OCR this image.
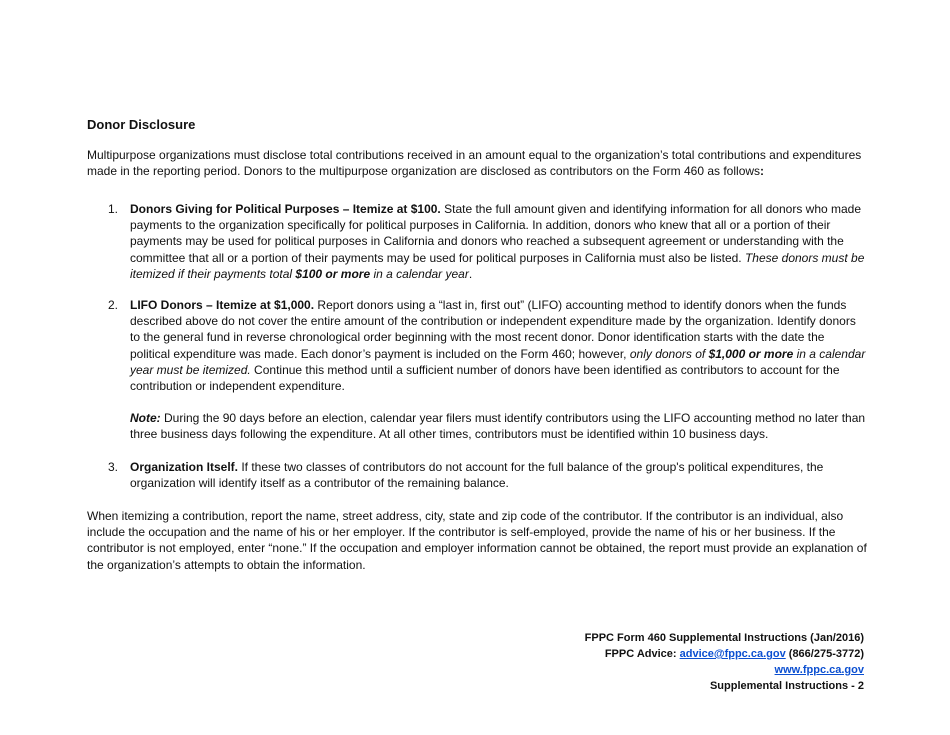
Donor Disclosure

Multipurpose organizations must disclose total contributions received in an amount equal to the organization’s total contributions and expenditures made in the reporting period. Donors to the multipurpose organization are disclosed as contributors on the Form 460 as follows:

1. Donors Giving for Political Purposes – Itemize at $100. State the full amount given and identifying information for all donors who made payments to the organization specifically for political purposes in California. In addition, donors who knew that all or a portion of their payments may be used for political purposes in California and donors who reached a subsequent agreement or understanding with the committee that all or a portion of their payments may be used for political purposes in California must also be listed. These donors must be itemized if their payments total $100 or more in a calendar year.

2. LIFO Donors – Itemize at $1,000. Report donors using a “last in, first out” (LIFO) accounting method to identify donors when the funds described above do not cover the entire amount of the contribution or independent expenditure made by the organization. Identify donors to the general fund in reverse chronological order beginning with the most recent donor. Donor identification starts with the date the political expenditure was made. Each donor’s payment is included on the Form 460; however, only donors of $1,000 or more in a calendar year must be itemized. Continue this method until a sufficient number of donors have been identified as contributors to account for the contribution or independent expenditure.

3. Organization Itself. If these two classes of contributors do not account for the full balance of the group's political expenditures, the organization will identify itself as a contributor of the remaining balance.

Note: During the 90 days before an election, calendar year filers must identify contributors using the LIFO accounting method no later than three business days following the expenditure. At all other times, contributors must be identified within 10 business days.

When itemizing a contribution, report the name, street address, city, state and zip code of the contributor. If the contributor is an individual, also include the occupation and the name of his or her employer. If the contributor is self-employed, provide the name of his or her business. If the contributor is not employed, enter “none.” If the occupation and employer information cannot be obtained, the report must provide an explanation of the organization’s attempts to obtain the information.

FPPC Form 460 Supplemental Instructions (Jan/2016)
FPPC Advice: advice@fppc.ca.gov (866/275-3772)
www.fppc.ca.gov
Supplemental Instructions - 2
